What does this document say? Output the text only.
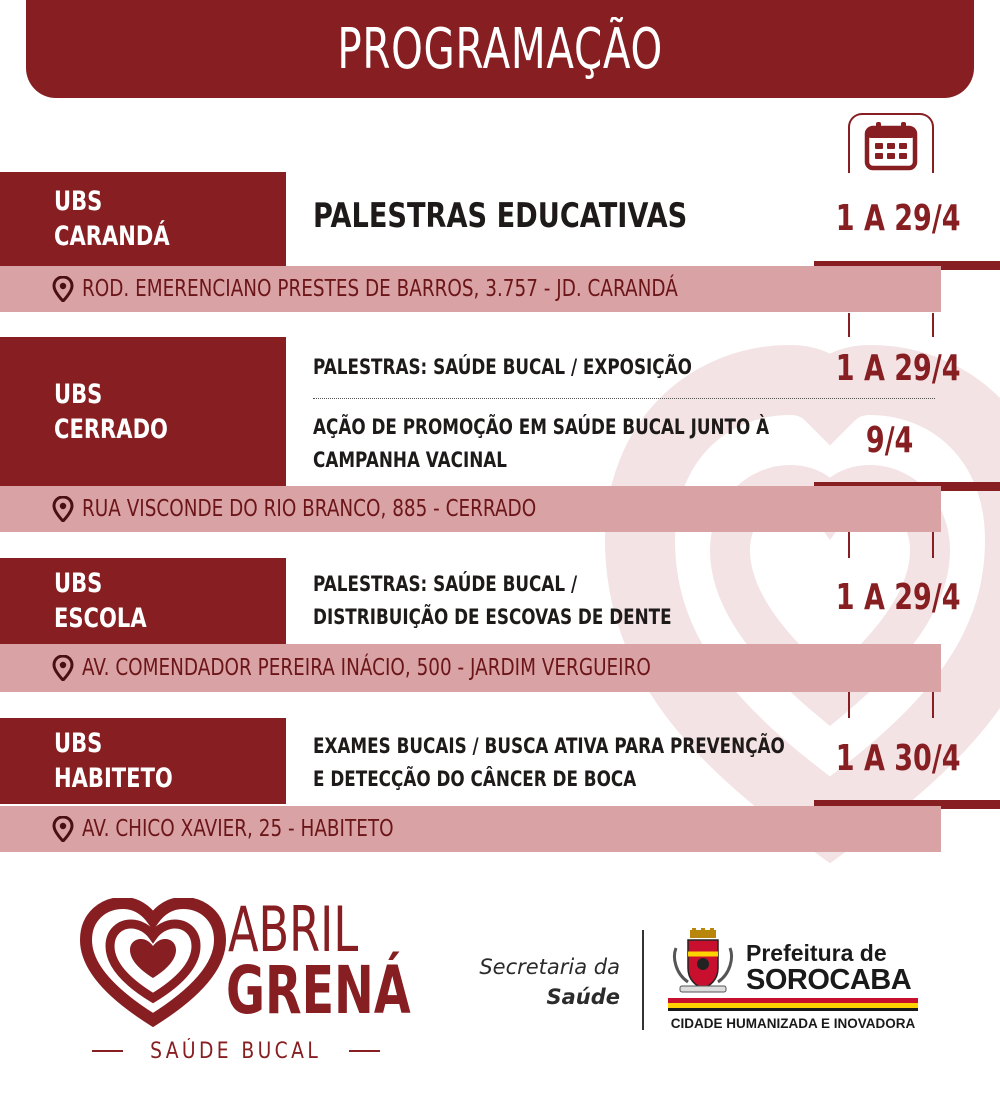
PROGRAMAÇÃO
UBS
CARANDÁ
PALESTRAS EDUCATIVAS	1 A 29/4
ROD. EMERENCIANO PRESTES DE BARROS, 3.757 - JD. CARANDÁ
UBS
CERRADO
PALESTRAS: SAÚDE BUCAL / EXPOSIÇÃO	1 A 29/4
AÇÃO DE PROMOÇÃO EM SAÚDE BUCAL JUNTO À
CAMPANHA VACINAL	9/4
RUA VISCONDE DO RIO BRANCO, 885 - CERRADO
UBS
ESCOLA
PALESTRAS: SAÚDE BUCAL /
DISTRIBUIÇÃO DE ESCOVAS DE DENTE	1 A 29/4
AV. COMENDADOR PEREIRA INÁCIO, 500 - JARDIM VERGUEIRO
UBS
HABITETO
EXAMES BUCAIS / BUSCA ATIVA PARA PREVENÇÃO
E DETECÇÃO DO CÂNCER DE BOCA	1 A 30/4
AV. CHICO XAVIER, 25 - HABITETO
ABRIL
GRENÁ
SAÚDE BUCAL
Secretaria da
Saúde
Prefeitura de
SOROCABA
CIDADE HUMANIZADA E INOVADORA
